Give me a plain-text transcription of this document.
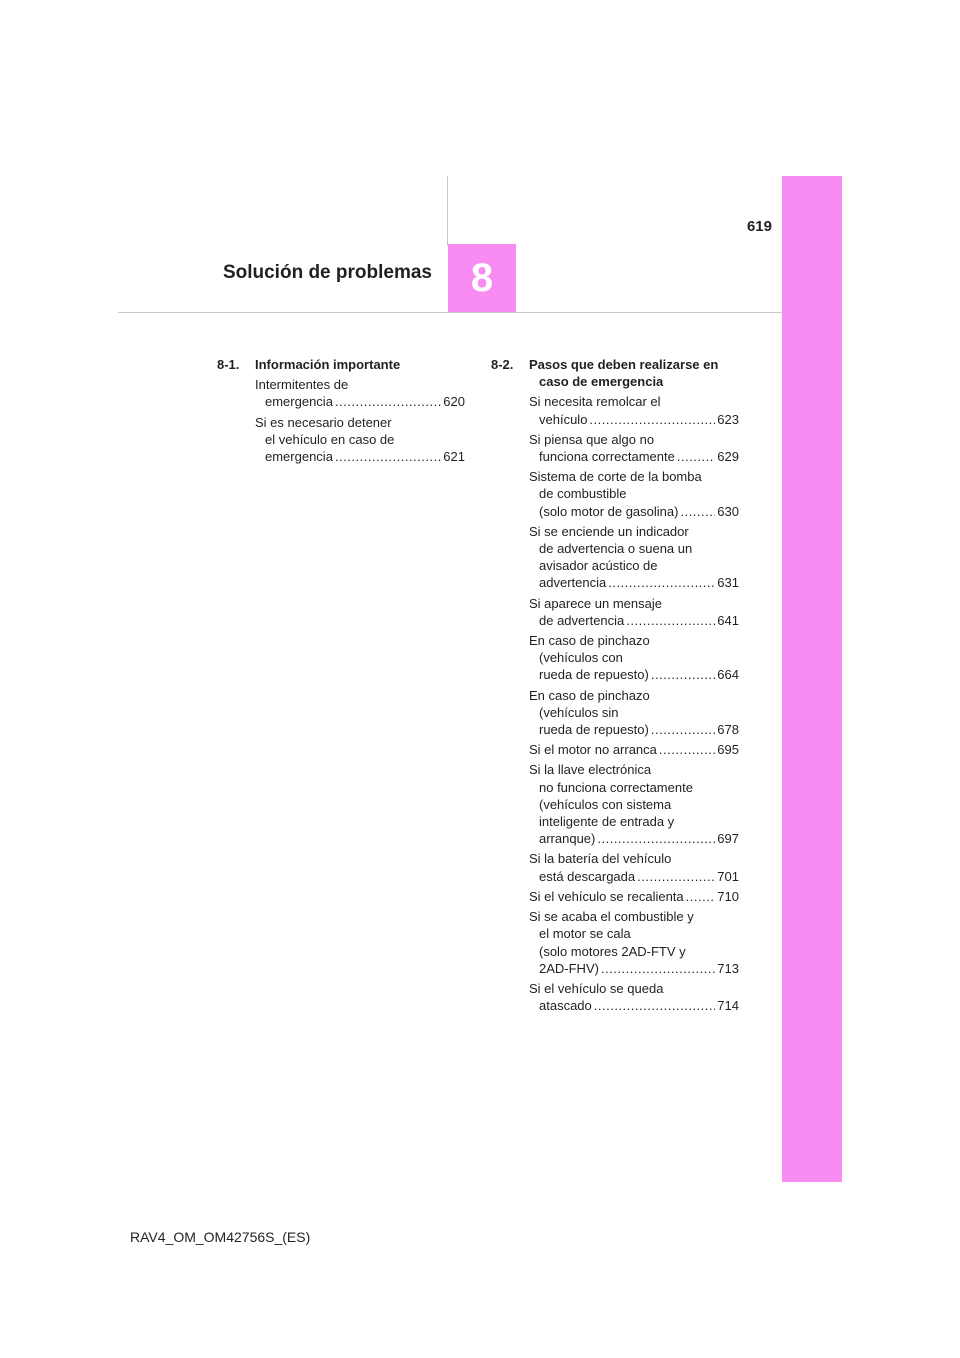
619
Solución de problemas 8
8-1.	Información importante
Intermitentes de
emergencia .....	620
Si es necesario detener
el vehículo en caso de
emergencia .....	621
8-2.	Pasos que deben realizarse en
caso de emergencia
Si necesita remolcar el
vehículo .....	623
Si piensa que algo no
funciona correctamente .....	629
Sistema de corte de la bomba
de combustible
(solo motor de gasolina) .....	630
Si se enciende un indicador
de advertencia o suena un
avisador acústico de
advertencia .....	631
Si aparece un mensaje
de advertencia .....	641
En caso de pinchazo
(vehículos con
rueda de repuesto) .....	664
En caso de pinchazo
(vehículos sin
rueda de repuesto) .....	678
Si el motor no arranca .....	695
Si la llave electrónica
no funciona correctamente
(vehículos con sistema
inteligente de entrada y
arranque) .....	697
Si la batería del vehículo
está descargada .....	701
Si el vehículo se recalienta .....	710
Si se acaba el combustible y
el motor se cala
(solo motores 2AD-FTV y
2AD-FHV) .....	713
Si el vehículo se queda
atascado .....	714
RAV4_OM_OM42756S_(ES)
